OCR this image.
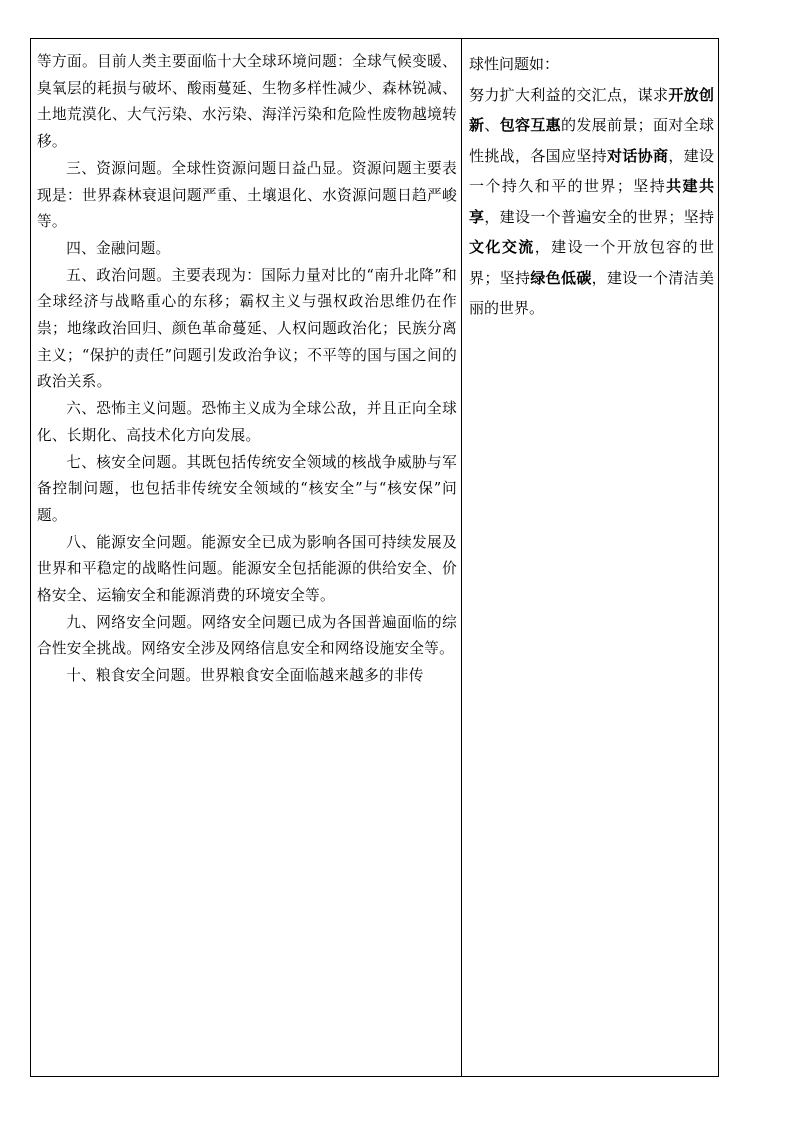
等方面。目前人类主要面临十大全球环境问题：全球气候变暖、臭氧层的耗损与破坏、酸雨蔓延、生物多样性减少、森林锐减、土地荒漠化、大气污染、水污染、海洋污染和危险性废物越境转移。

三、资源问题。全球性资源问题日益凸显。资源问题主要表现是：世界森林衰退问题严重、土壤退化、水资源问题日趋严峻等。

四、金融问题。

五、政治问题。主要表现为：国际力量对比的“南升北降”和全球经济与战略重心的东移；霸权主义与强权政治思维仍在作祟；地缘政治回归、颜色革命蔓延、人权问题政治化；民族分离主义；“保护的责任”问题引发政治争议；不平等的国与国之间的政治关系。

六、恐怖主义问题。恐怖主义成为全球公敌，并且正向全球化、长期化、高技术化方向发展。

七、核安全问题。其既包括传统安全领域的核战争威胁与军备控制问题，也包括非传统安全领域的“核安全”与“核安保”问题。

八、能源安全问题。能源安全已成为影响各国可持续发展及世界和平稳定的战略性问题。能源安全包括能源的供给安全、价格安全、运输安全和能源消费的环境安全等。

九、网络安全问题。网络安全问题已成为各国普遍面临的综合性安全挑战。网络安全涉及网络信息安全和网络设施安全等。

十、粮食安全问题。世界粮食安全面临越来越多的非传

球性问题如：

努力扩大利益的交汇点，谋求开放创新、包容互惠的发展前景；面对全球性挑战，各国应坚持对话协商，建设一个持久和平的世界；坚持共建共享，建设一个普遍安全的世界；坚持文化交流，建设一个开放包容的世界；坚持绿色低碳，建设一个清洁美丽的世界。
